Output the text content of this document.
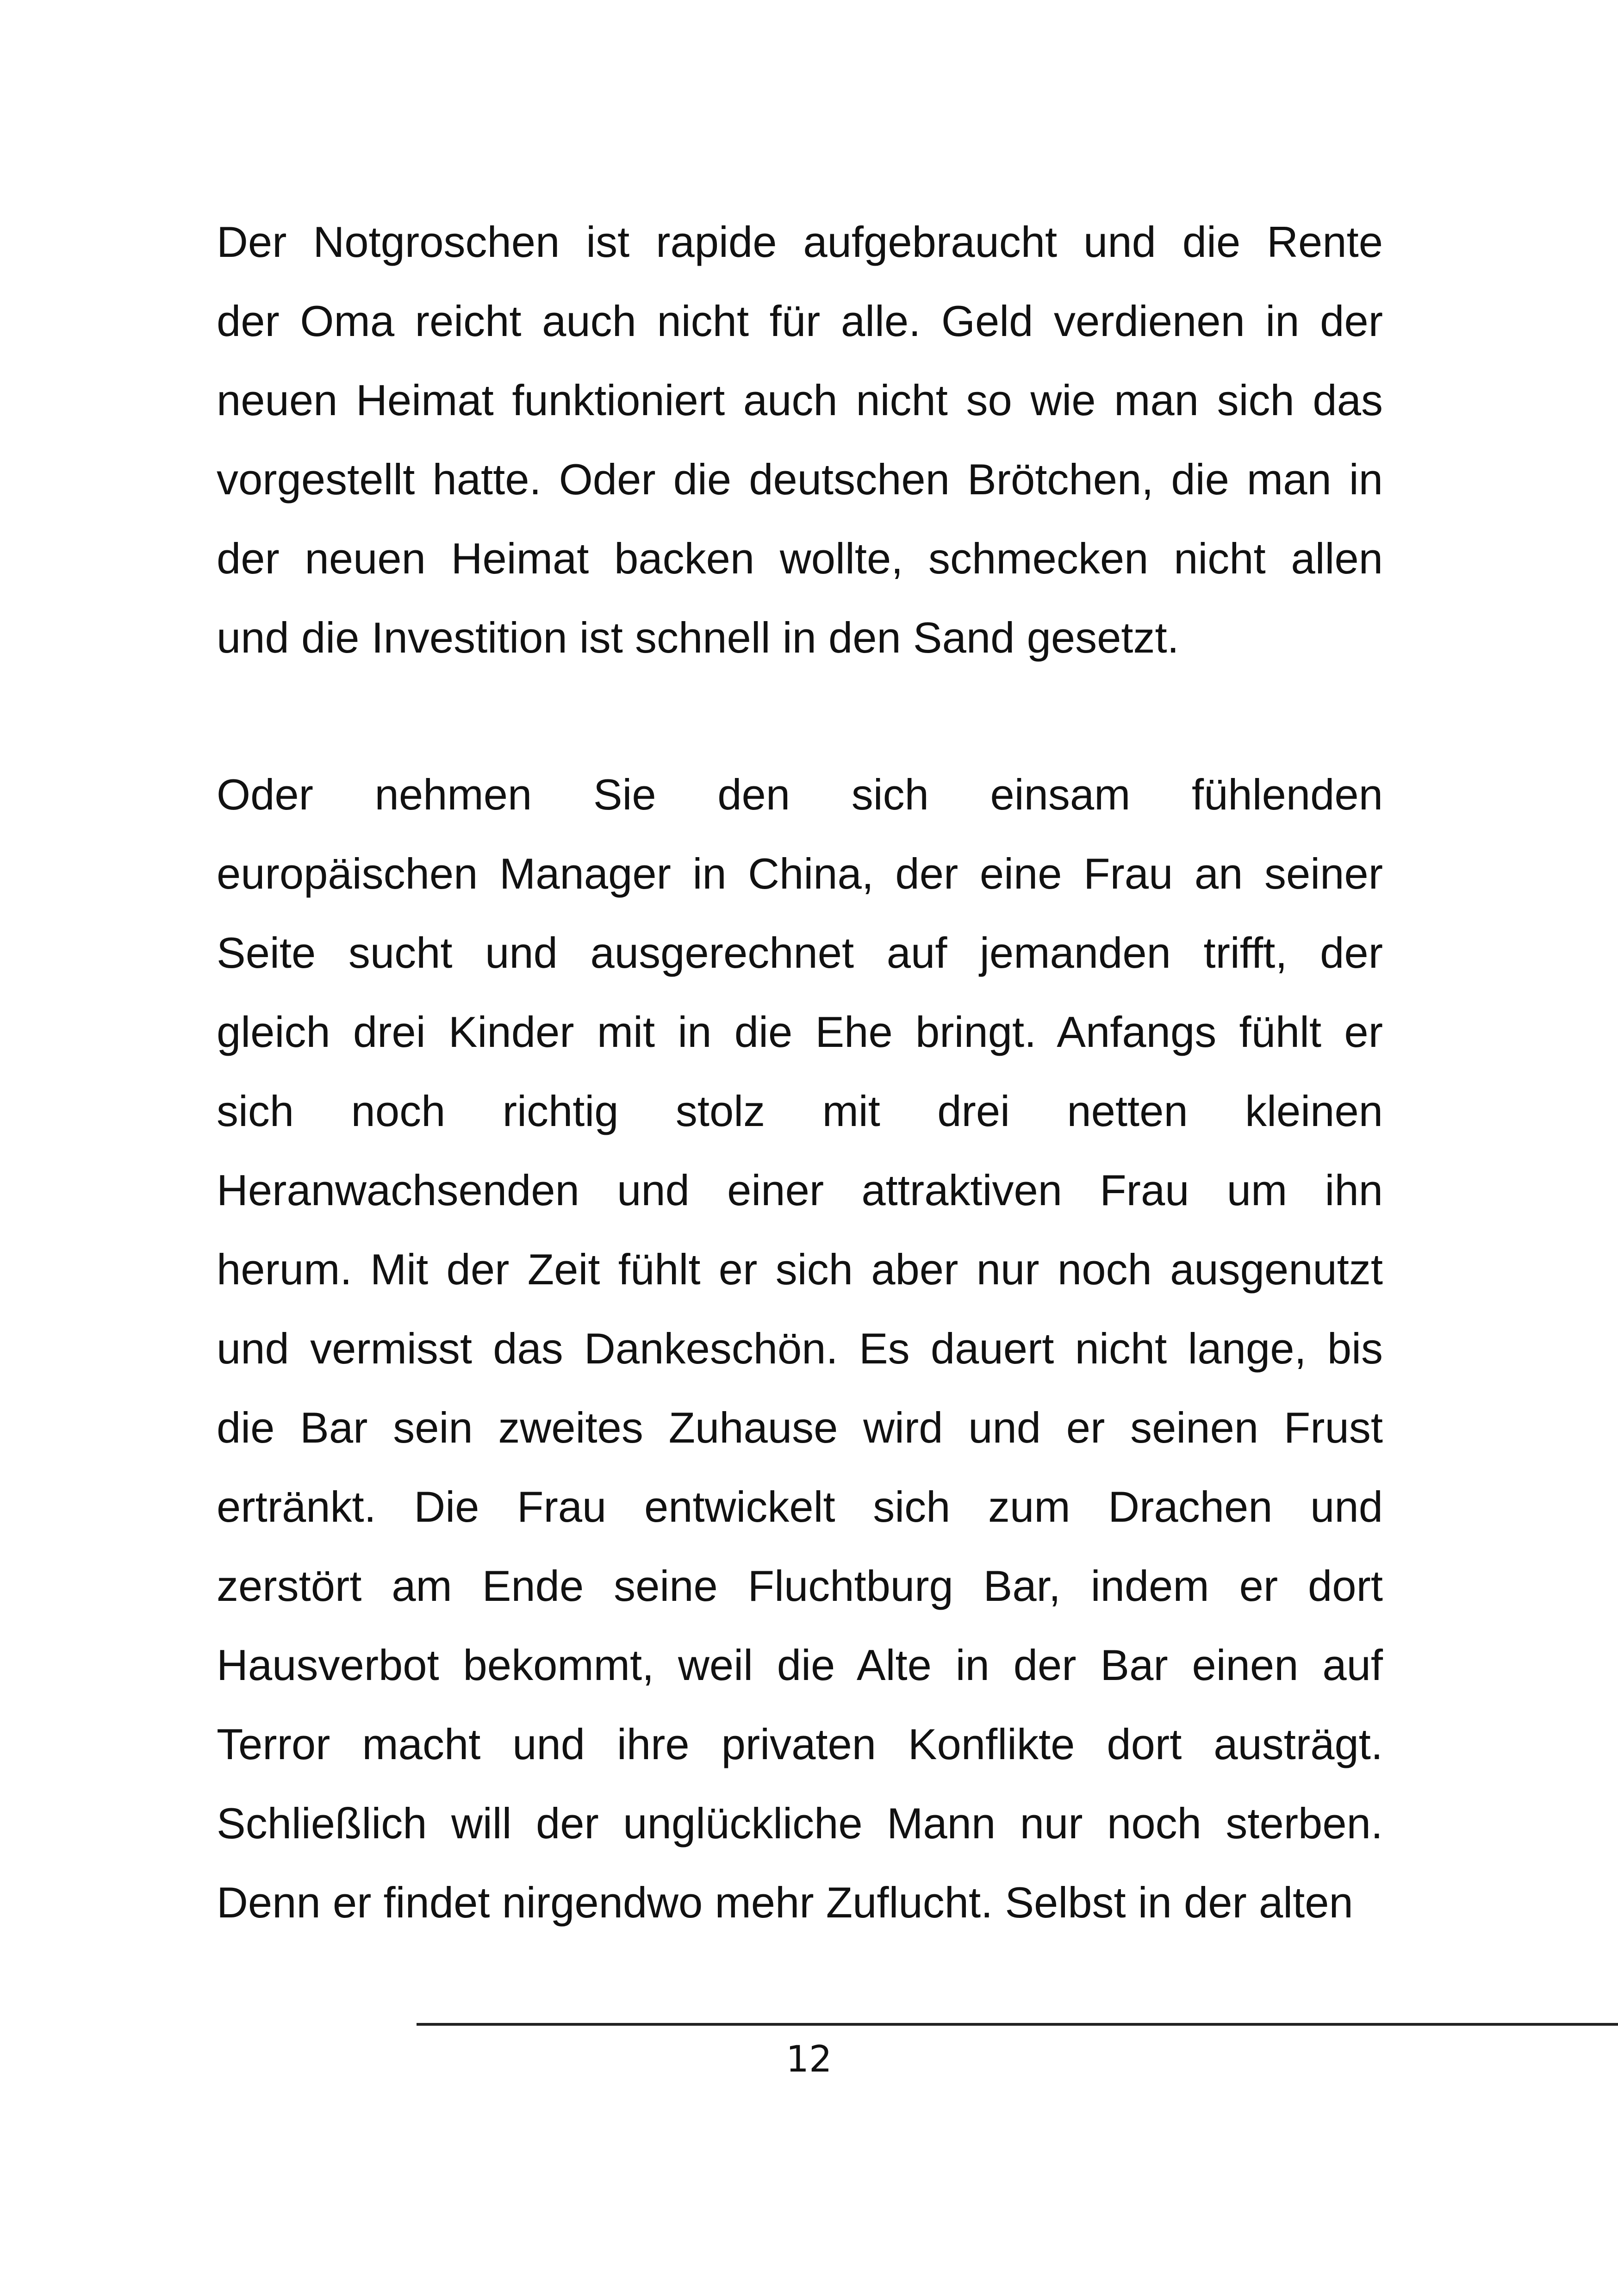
Der Notgroschen ist rapide aufgebraucht und die Rente
der Oma reicht auch nicht für alle. Geld verdienen in der
neuen Heimat funktioniert auch nicht so wie man sich das
vorgestellt hatte. Oder die deutschen Brötchen, die man in
der neuen Heimat backen wollte, schmecken nicht allen
und die Investition ist schnell in den Sand gesetzt.
Oder nehmen Sie den sich einsam fühlenden
europäischen Manager in China, der eine Frau an seiner
Seite sucht und ausgerechnet auf jemanden trifft, der
gleich drei Kinder mit in die Ehe bringt. Anfangs fühlt er
sich noch richtig stolz mit drei netten kleinen
Heranwachsenden und einer attraktiven Frau um ihn
herum. Mit der Zeit fühlt er sich aber nur noch ausgenutzt
und vermisst das Dankeschön. Es dauert nicht lange, bis
die Bar sein zweites Zuhause wird und er seinen Frust
ertränkt. Die Frau entwickelt sich zum Drachen und
zerstört am Ende seine Fluchtburg Bar, indem er dort
Hausverbot bekommt, weil die Alte in der Bar einen auf
Terror macht und ihre privaten Konflikte dort austrägt.
Schließlich will der unglückliche Mann nur noch sterben.
Denn er findet nirgendwo mehr Zuflucht. Selbst in der alten
12
